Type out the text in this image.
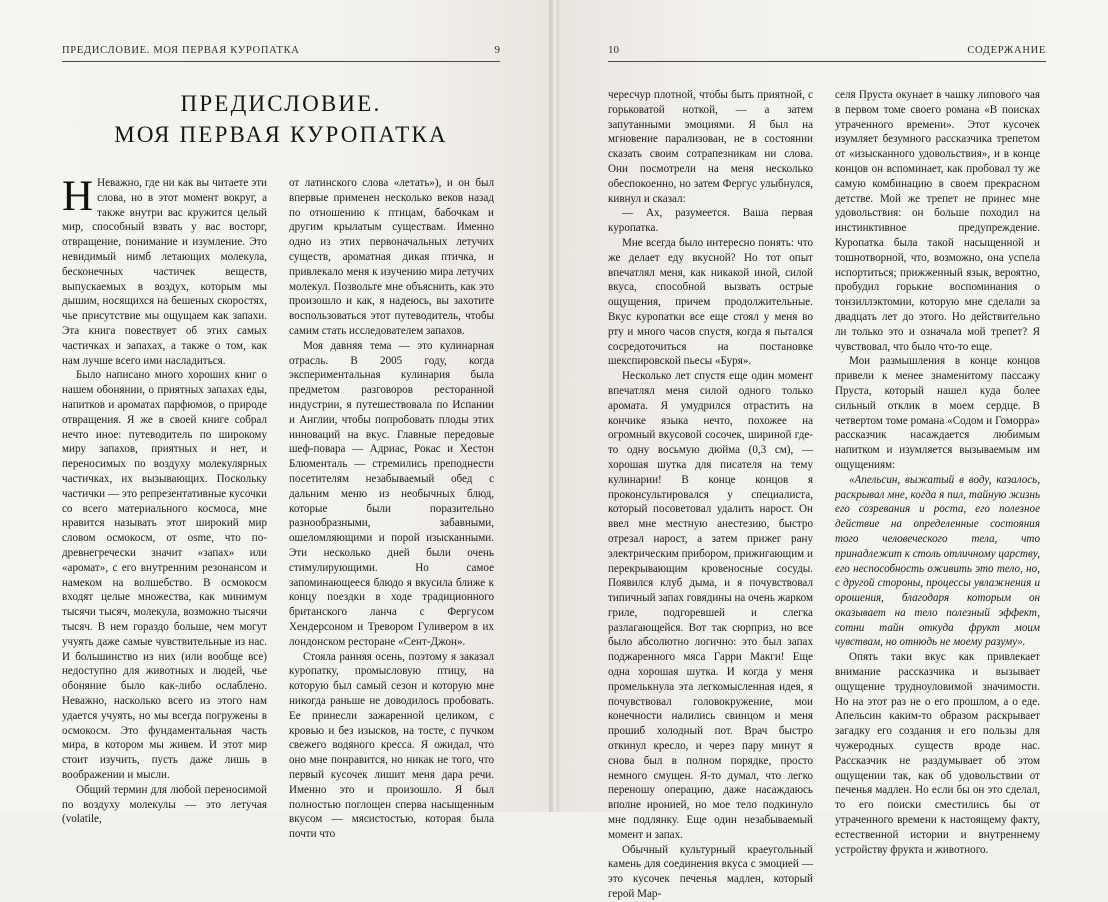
ПРЕДИСЛОВИЕ. МОЯ ПЕРВАЯ КУРОПАТКА	9
ПРЕДИСЛОВИЕ.
МОЯ ПЕРВАЯ КУРОПАТКА

Н Неважно, где ни как вы читаете эти слова, но в этот момент вокруг, а также внутри вас кружится целый мир, способный взвать у вас восторг, отвращение, понимание и изумление. Это невидимый нимб летающих молекула, бесконечных частичек веществ, выпускаемых в воздух, которым мы дышим, носящихся на бешеных скоростях, чье присутствие мы ощущаем как запахи. Эта книга повествует об этих самых частичках и запахах, а также о том, как нам лучше всего ими насладиться.

Было написано много хороших книг о нашем обонянии, о приятных запахах еды, напитков и ароматах парфюмов, о природе отвращения. Я же в своей книге собрал нечто иное: путеводитель по широкому миру запахов, приятных и нет, и переносимых по воздуху молекулярных частичках, их вызывающих. Поскольку частички — это репрезентативные кусочки со всего материального космоса, мне нравится называть этот широкий мир словом осмокосм, от osme, что по-древнегречески значит «запах» или «аромат», с его внутренним резонансом и намеком на волшебство. В осмокосм входят целые множества, как минимум тысячи тысяч, молекула, возможно тысячи тысяч. В нем гораздо больше, чем могут учуять даже самые чувствительные из нас. И большинство из них (или вообще все) недоступно для животных и людей, чье обоняние было как-либо ослаблено. Неважно, насколько всего из этого нам удается учуять, но мы всегда погружены в осмокосм. Это фундаментальная часть мира, в котором мы живем. И этот мир стоит изучить, пусть даже лишь в воображении и мысли.

Общий термин для любой переносимой по воздуху молекулы — это летучая (volatile,

от латинского слова «летать»), и он был впервые применен несколько веков назад по отношению к птицам, бабочкам и другим крылатым существам. Именно одно из этих первоначальных летучих существ, ароматная дикая птичка, и привлекало меня к изучению мира летучих молекул. Позвольте мне объяснить, как это произошло и как, я надеюсь, вы захотите воспользоваться этот путеводитель, чтобы самим стать исследователем запахов.

Моя давняя тема — это кулинарная отрасль. В 2005 году, когда экспериментальная кулинария была предметом разговоров ресторанной индустрии, я путешествовала по Испании и Англии, чтобы попробовать плоды этих инноваций на вкус. Главные передовые шеф-повара — Адриас, Рокас и Хестон Блюменталь — стремились преподнести посетителям незабываемый обед с дальним меню из необычных блюд, которые были поразительно разнообразными, забавными, ошеломляющими и порой изысканными. Эти несколько дней были очень стимулирующими. Но самое запоминающееся блюдо я вкусила ближе к концу поездки в ходе традиционного британского ланча с Фергусом Хендерсоном и Тревором Гуливером в их лондонском ресторане «Сент-Джон».

Стояла ранняя осень, поэтому я заказал куропатку, промысловую птицу, на которую был самый сезон и которую мне никогда раньше не доводилось пробовать. Ее принесли зажаренной целиком, с кровью и без изысков, на тосте, с пучком свежего водяного кресса. Я ожидал, что оно мне понравится, но никак не того, что первый кусочек лишит меня дара речи. Именно это и произошло. Я был полностью поглощен сперва насыщенным вкусом — мясистостью, которая была почти что

10	СОДЕРЖАНИЕ

чересчур плотной, чтобы быть приятной, с горьковатой ноткой, — а затем запутанными эмоциями. Я был на мгновение парализован, не в состоянии сказать своим сотрапезникам ни слова. Они посмотрели на меня несколько обеспокоенно, но затем Фергус улыбнулся, кивнул и сказал:

— Ах, разумеется. Ваша первая куропатка.

Мне всегда было интересно понять: что же делает еду вкусной? Но тот опыт впечатлял меня, как никакой иной, силой вкуса, способной вызвать острые ощущения, причем продолжительные. Вкус куропатки все еще стоял у меня во рту и много часов спустя, когда я пытался сосредоточиться на постановке шекспировской пьесы «Буря».

Несколько лет спустя еще один момент впечатлял меня силой одного только аромата. Я умудрился отрастить на кончике языка нечто, похожее на огромный вкусовой сосочек, шириной где-то одну восьмую дюйма (0,3 см), — хорошая шутка для писателя на тему кулинарии! В конце концов я проконсультировался у специалиста, который посоветовал удалить нарост. Он ввел мне местную анестезию, быстро отрезал нарост, а затем прижег рану электрическим прибором, прижигающим и перекрывающим кровеносные сосуды. Появился клуб дыма, и я почувствовал типичный запах говядины на очень жарком гриле, подгоревшей и слегка разлагающейся. Вот так сюрприз, но все было абсолютно логично: это был запах поджаренного мяса Гарри Макги! Еще одна хорошая шутка. И когда у меня промелькнула эта легкомысленная идея, я почувствовал головокружение, мои конечности налились свинцом и меня прошиб холодный пот. Врач быстро откинул кресло, и через пару минут я снова был в полном порядке, просто немного смущен. Я-то думал, что легко переношу операцию, даже насаждаюсь вполне иронией, но мое тело подкинуло мне подлянку. Еще один незабываемый момент и запах.

Обычный культурный краеугольный камень для соединения вкуса с эмоцией — это кусочек печенья мадлен, который герой Мар-

селя Пруста окунает в чашку липового чая в первом томе своего романа «В поисках утраченного времени». Этот кусочек изумляет безумного рассказчика трепетом от «изысканного удовольствия», и в конце концов он вспоминает, как пробовал ту же самую комбинацию в своем прекрасном детстве. Мой же трепет не принес мне удовольствия: он больше походил на инстинктивное предупреждение. Куропатка была такой насыщенной и тошнотворной, что, возможно, она успела испортиться; прижженный язык, вероятно, пробудил горькие воспоминания о тонзиллэктомии, которую мне сделали за двадцать лет до этого. Но действительно ли только это и означала мой трепет? Я чувствовал, что было что-то еще.

Мои размышления в конце концов привели к менее знаменитому пассажу Пруста, который нашел куда более сильный отклик в моем сердце. В четвертом томе романа «Содом и Гоморра» рассказчик насаждается любимым напитком и изумляется вызываемым им ощущениям:

«Апельсин, выжатый в воду, казалось, раскрывал мне, когда я пил, тайную жизнь его созревания и роста, его полезное действие на определенные состояния того человеческого тела, что принадлежит к столь отличному царству, его неспособность оживить это тело, но, с другой стороны, процессы увлажнения и орошения, благодаря которым он оказывает на тело полезный эффект, сотни тайн откуда фрукт моим чувствам, но отнюдь не моему разуму».

Опять таки вкус как привлекает внимание рассказчика и вызывает ощущение трудноуловимой значимости. Но на этот раз не о его прошлом, а о еде. Апельсин каким-то образом раскрывает загадку его создания и его пользы для чужеродных существ вроде нас. Рассказчик не раздумывает об этом ощущении так, как об удовольствии от печенья мадлен. Но если бы он это сделал, то его поиски сместились бы от утраченного времени к настоящему факту, естественной истории и внутреннему устройству фрукта и животного.
